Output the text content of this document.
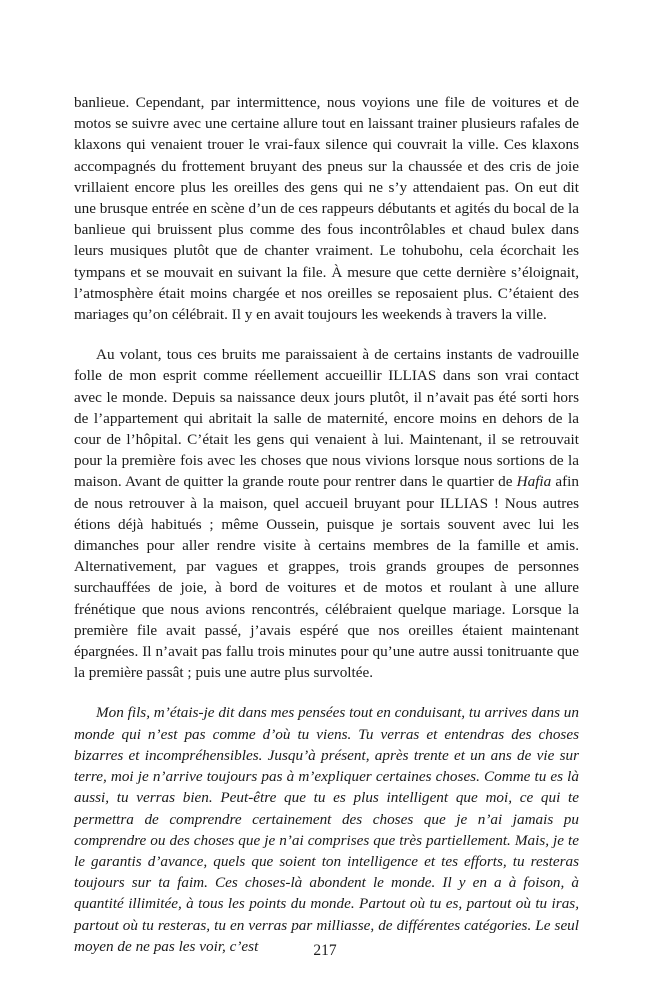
banlieue. Cependant, par intermittence, nous voyions une file de voitures et de motos se suivre avec une certaine allure tout en laissant trainer plusieurs rafales de klaxons qui venaient trouer le vrai-faux silence qui couvrait la ville. Ces klaxons accompagnés du frottement bruyant des pneus sur la chaussée et des cris de joie vrillaient encore plus les oreilles des gens qui ne s’y attendaient pas. On eut dit une brusque entrée en scène d’un de ces rappeurs débutants et agités du bocal de la banlieue qui bruissent plus comme des fous incontrôlables et chaud bulex dans leurs musiques plutôt que de chanter vraiment. Le tohubohu, cela écorchait les tympans et se mouvait en suivant la file. À mesure que cette dernière s’éloignait, l’atmosphère était moins chargée et nos oreilles se reposaient plus. C’étaient des mariages qu’on célébrait. Il y en avait toujours les weekends à travers la ville.

Au volant, tous ces bruits me paraissaient à de certains instants de vadrouille folle de mon esprit comme réellement accueillir ILLIAS dans son vrai contact avec le monde. Depuis sa naissance deux jours plutôt, il n’avait pas été sorti hors de l’appartement qui abritait la salle de maternité, encore moins en dehors de la cour de l’hôpital. C’était les gens qui venaient à lui. Maintenant, il se retrouvait pour la première fois avec les choses que nous vivions lorsque nous sortions de la maison. Avant de quitter la grande route pour rentrer dans le quartier de Hafia afin de nous retrouver à la maison, quel accueil bruyant pour ILLIAS ! Nous autres étions déjà habitués ; même Oussein, puisque je sortais souvent avec lui les dimanches pour aller rendre visite à certains membres de la famille et amis. Alternativement, par vagues et grappes, trois grands groupes de personnes surchauffées de joie, à bord de voitures et de motos et roulant à une allure frénétique que nous avions rencontrés, célébraient quelque mariage. Lorsque la première file avait passé, j’avais espéré que nos oreilles étaient maintenant épargnées. Il n’avait pas fallu trois minutes pour qu’une autre aussi tonitruante que la première passât ; puis une autre plus survoltée.

Mon fils, m’étais-je dit dans mes pensées tout en conduisant, tu arrives dans un monde qui n’est pas comme d’où tu viens. Tu verras et entendras des choses bizarres et incompréhensibles. Jusqu’à présent, après trente et un ans de vie sur terre, moi je n’arrive toujours pas à m’expliquer certaines choses. Comme tu es là aussi, tu verras bien. Peut-être que tu es plus intelligent que moi, ce qui te permettra de comprendre certainement des choses que je n’ai jamais pu comprendre ou des choses que je n’ai comprises que très partiellement. Mais, je te le garantis d’avance, quels que soient ton intelligence et tes efforts, tu resteras toujours sur ta faim. Ces choses-là abondent le monde. Il y en a à foison, à quantité illimitée, à tous les points du monde. Partout où tu es, partout où tu iras, partout où tu resteras, tu en verras par milliasse, de différentes catégories. Le seul moyen de ne pas les voir, c’est	217
